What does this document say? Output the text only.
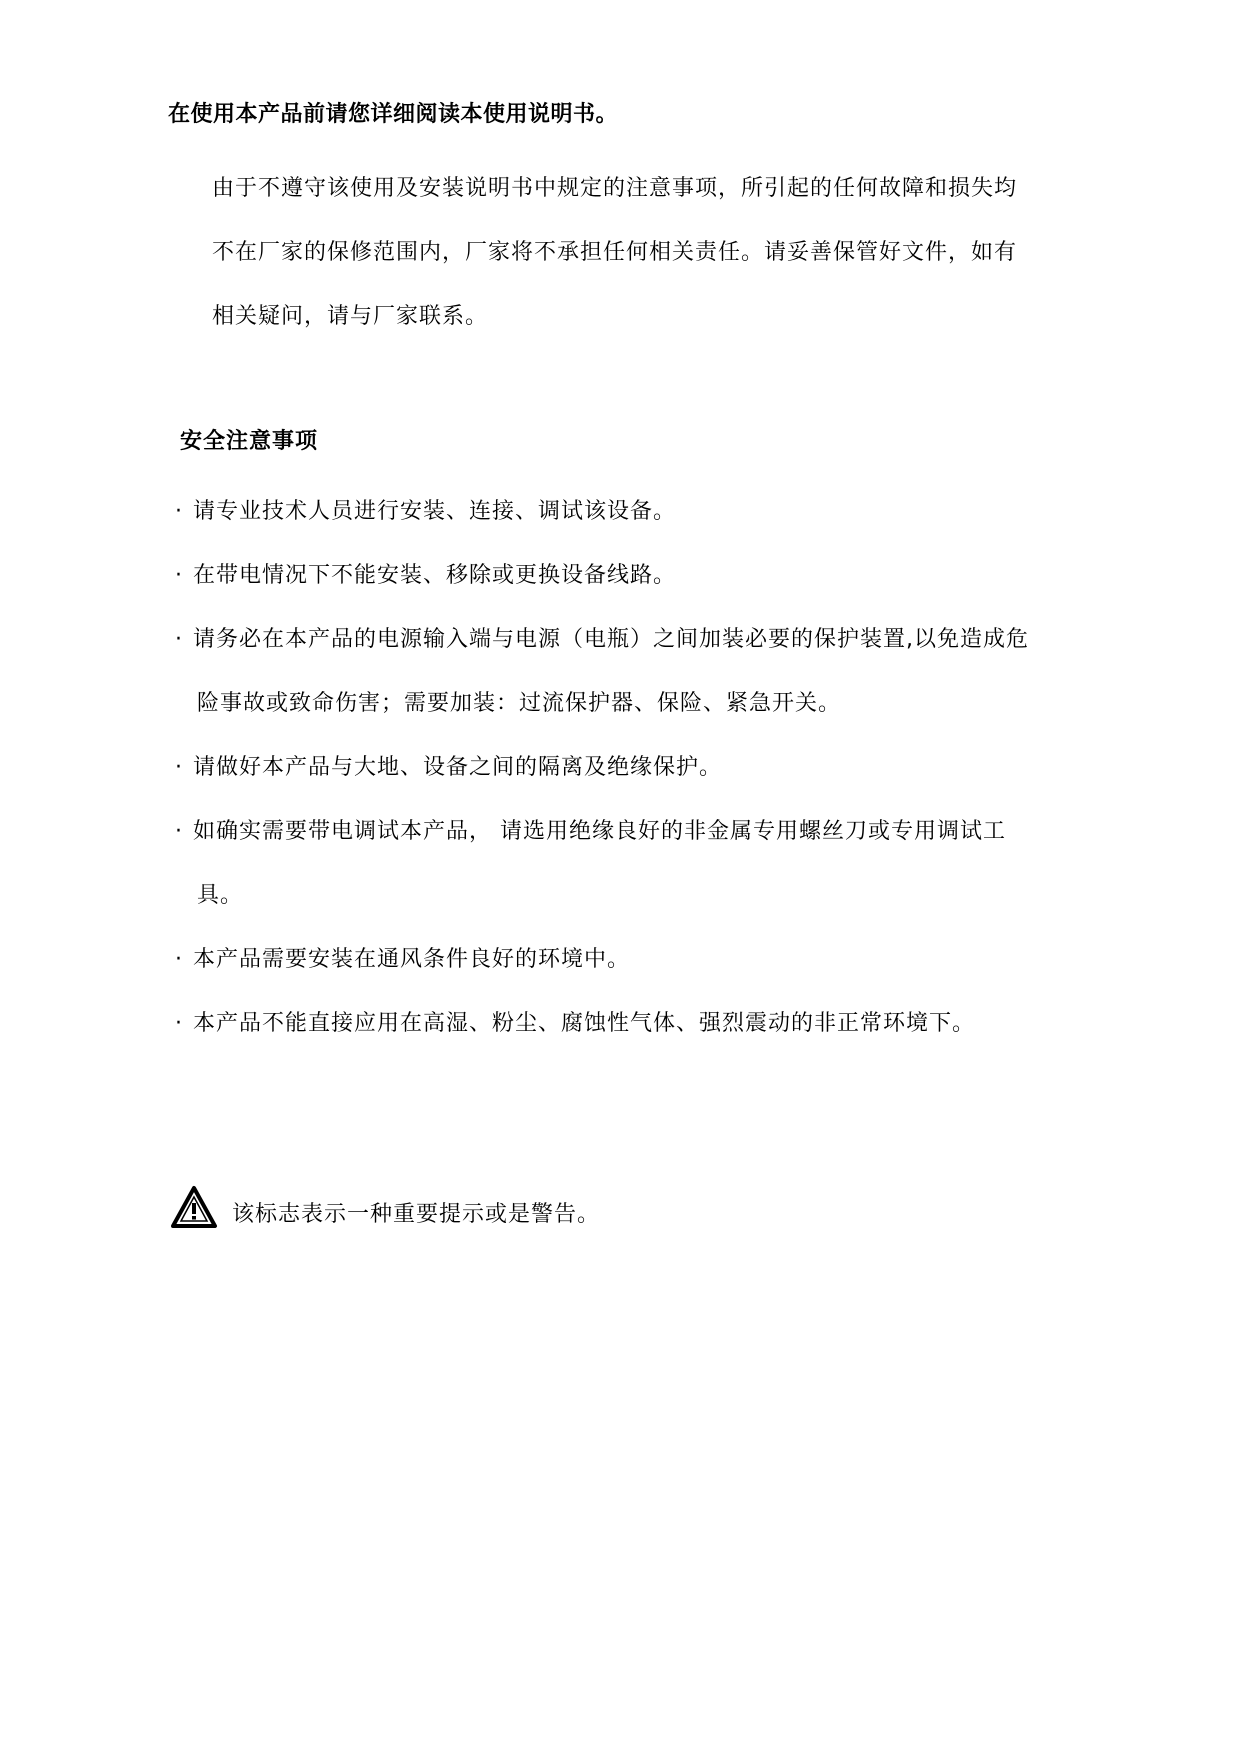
在使用本产品前请您详细阅读本使用说明书。
由于不遵守该使用及安装说明书中规定的注意事项，所引起的任何故障和损失均
不在厂家的保修范围内，厂家将不承担任何相关责任。请妥善保管好文件，如有
相关疑问，请与厂家联系。
安全注意事项
· 请专业技术人员进行安装、连接、调试该设备。
· 在带电情况下不能安装、移除或更换设备线路。
· 请务必在本产品的电源输入端与电源（电瓶）之间加装必要的保护装置,以免造成危
险事故或致命伤害；需要加装：过流保护器、保险、紧急开关。
· 请做好本产品与大地、设备之间的隔离及绝缘保护。
· 如确实需要带电调试本产品， 请选用绝缘良好的非金属专用螺丝刀或专用调试工
具。
· 本产品需要安装在通风条件良好的环境中。
· 本产品不能直接应用在高湿、粉尘、腐蚀性气体、强烈震动的非正常环境下。
该标志表示一种重要提示或是警告。
